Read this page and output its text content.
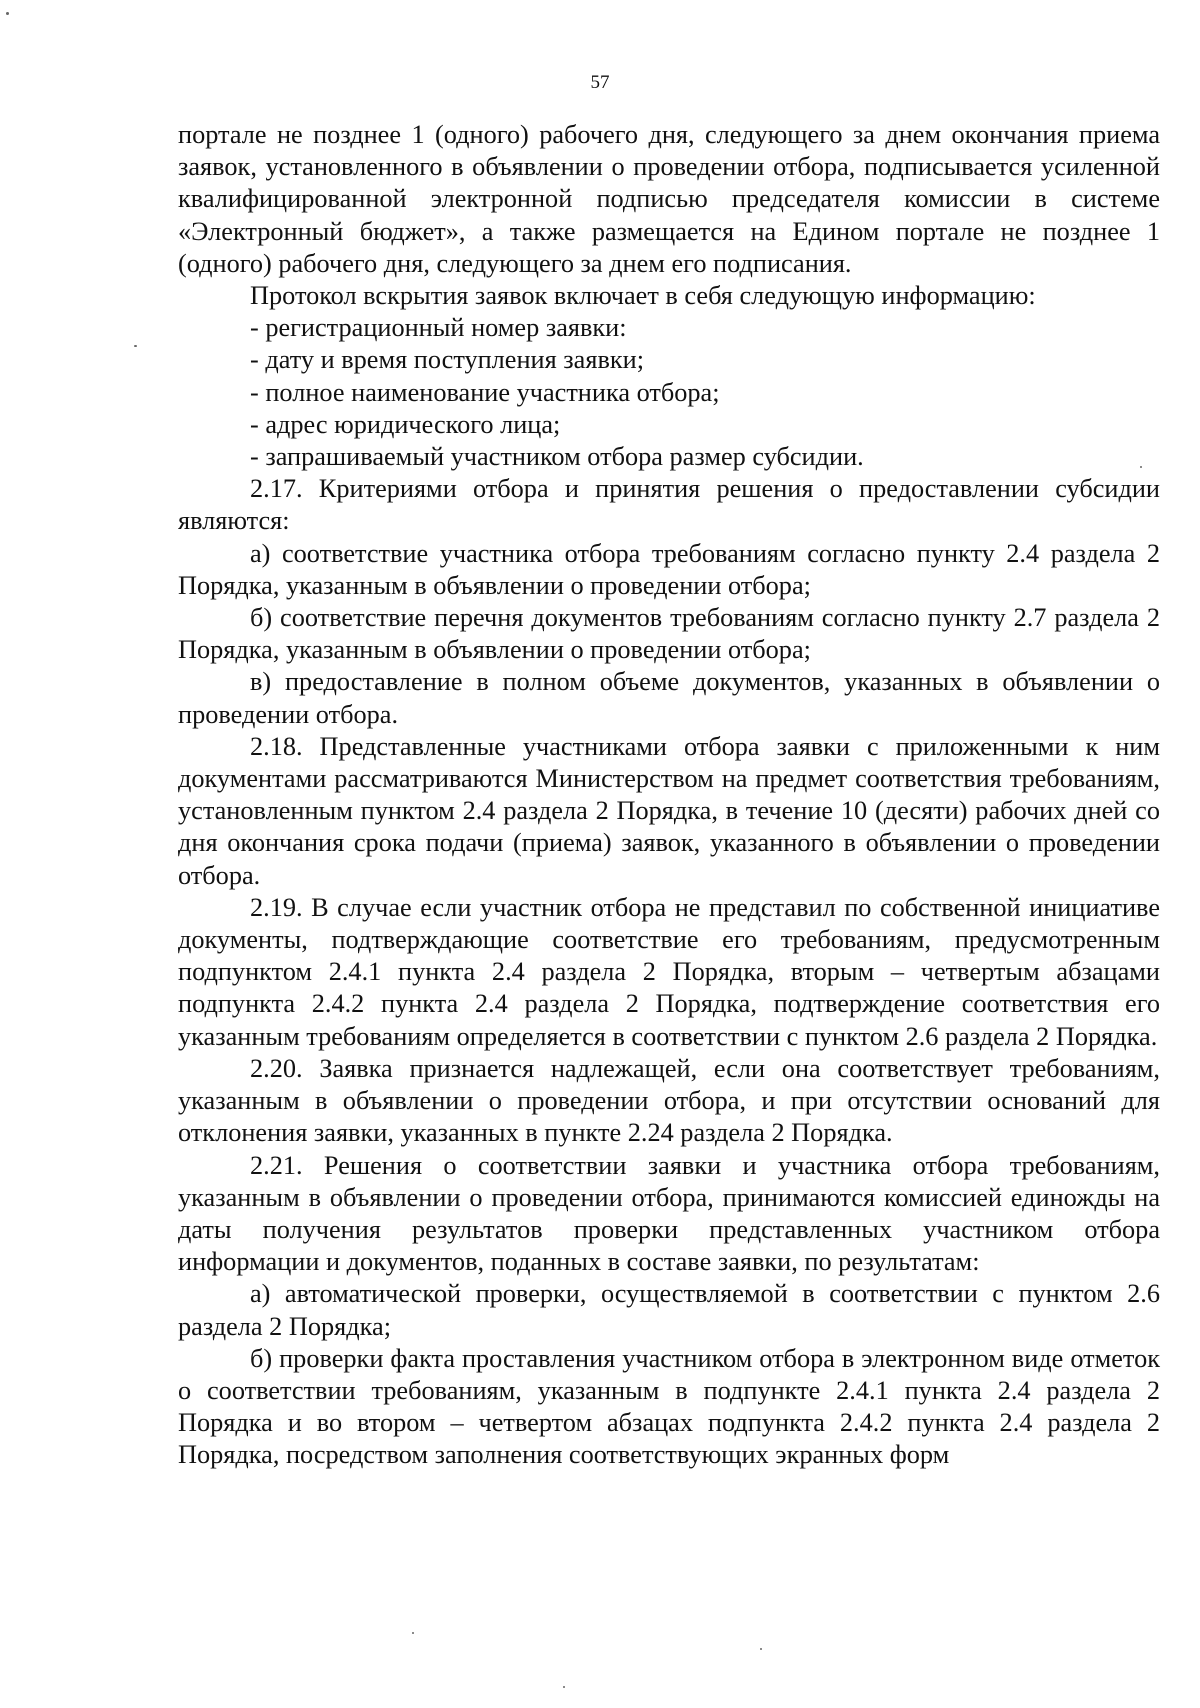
57

портале не позднее 1 (одного) рабочего дня, следующего за днем окончания приема заявок, установленного в объявлении о проведении отбора, подписывается усиленной квалифицированной электронной подписью председателя комиссии в системе «Электронный бюджет», а также размещается на Едином портале не позднее 1 (одного) рабочего дня, следующего за днем его подписания.

Протокол вскрытия заявок включает в себя следующую информацию:

- регистрационный номер заявки:

- дату и время поступления заявки;

- полное наименование участника отбора;

- адрес юридического лица;

- запрашиваемый участником отбора размер субсидии.

2.17. Критериями отбора и принятия решения о предоставлении субсидии являются:

а) соответствие участника отбора требованиям согласно пункту 2.4 раздела 2 Порядка, указанным в объявлении о проведении отбора;

б) соответствие перечня документов требованиям согласно пункту 2.7 раздела 2 Порядка, указанным в объявлении о проведении отбора;

в) предоставление в полном объеме документов, указанных в объявлении о проведении отбора.

2.18. Представленные участниками отбора заявки с приложенными к ним документами рассматриваются Министерством на предмет соответствия требованиям, установленным пунктом 2.4 раздела 2 Порядка, в течение 10 (десяти) рабочих дней со дня окончания срока подачи (приема) заявок, указанного в объявлении о проведении отбора.

2.19. В случае если участник отбора не представил по собственной инициативе документы, подтверждающие соответствие его требованиям, предусмотренным подпунктом 2.4.1 пункта 2.4 раздела 2 Порядка, вторым – четвертым абзацами подпункта 2.4.2 пункта 2.4 раздела 2 Порядка, подтверждение соответствия его указанным требованиям определяется в соответствии с пунктом 2.6 раздела 2 Порядка.

2.20. Заявка признается надлежащей, если она соответствует требованиям, указанным в объявлении о проведении отбора, и при отсутствии оснований для отклонения заявки, указанных в пункте 2.24 раздела 2 Порядка.

2.21. Решения о соответствии заявки и участника отбора требованиям, указанным в объявлении о проведении отбора, принимаются комиссией единожды на даты получения результатов проверки представленных участником отбора информации и документов, поданных в составе заявки, по результатам:

а) автоматической проверки, осуществляемой в соответствии с пунктом 2.6 раздела 2 Порядка;

б) проверки факта проставления участником отбора в электронном виде отметок о соответствии требованиям, указанным в подпункте 2.4.1 пункта 2.4 раздела 2 Порядка и во втором – четвертом абзацах подпункта 2.4.2 пункта 2.4 раздела 2 Порядка, посредством заполнения соответствующих экранных форм
